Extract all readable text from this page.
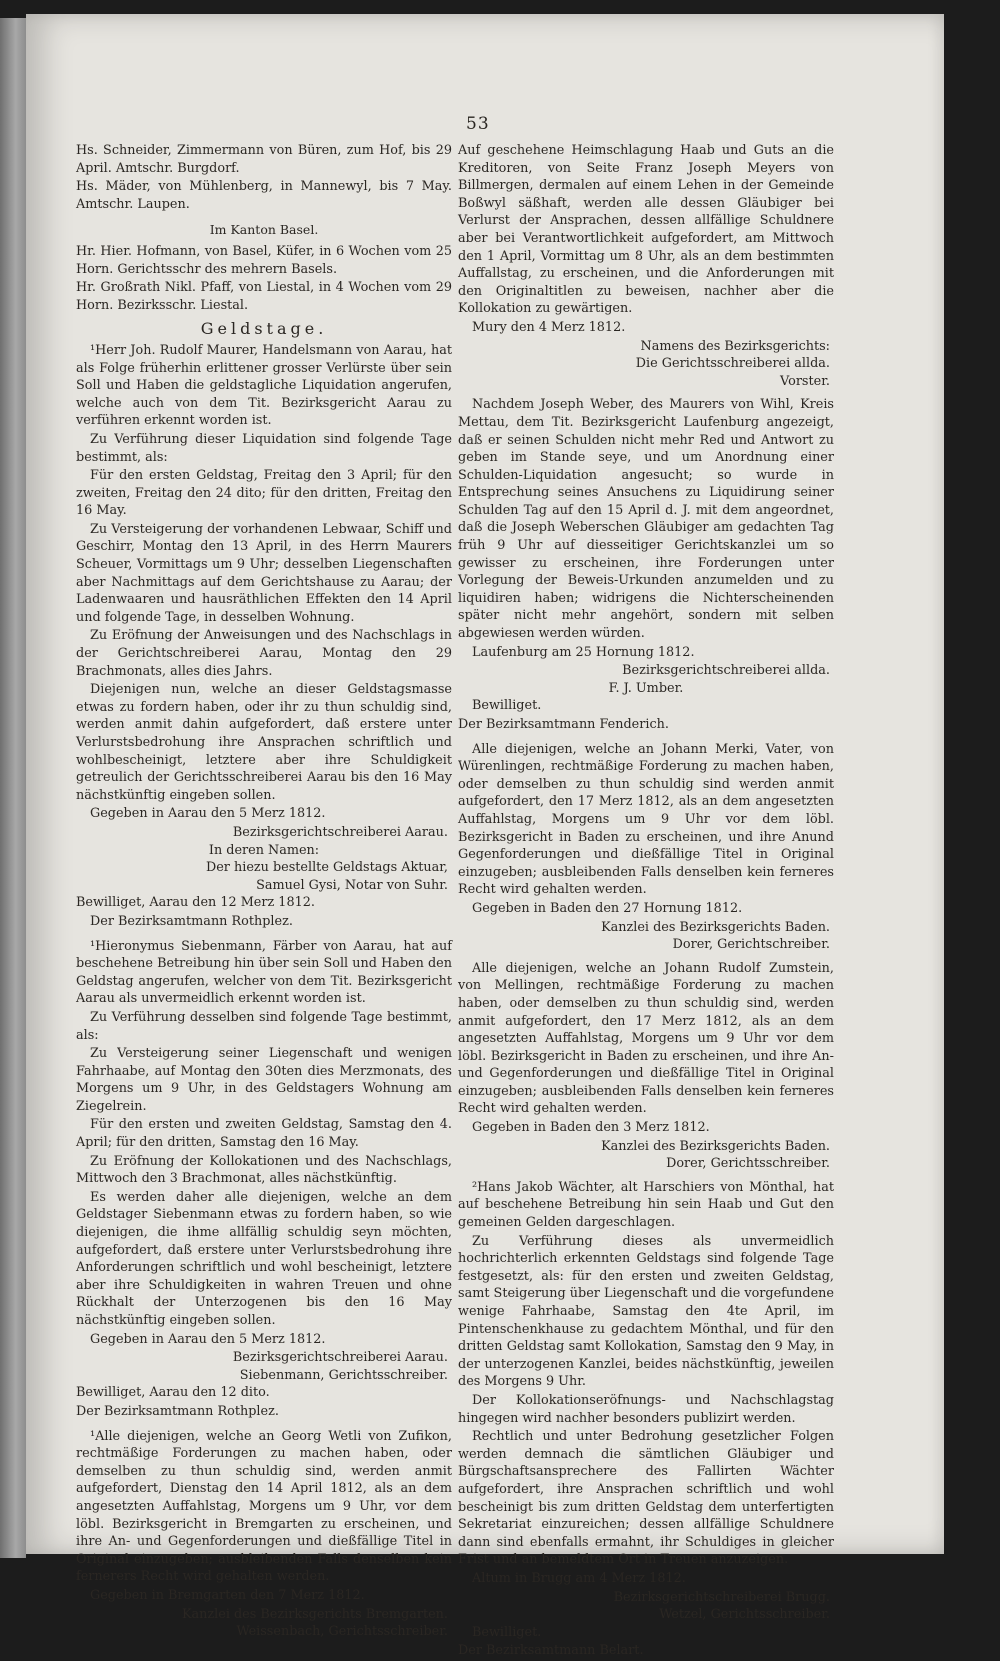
53

Hs. Schneider, Zimmermann von Büren, zum Hof, bis 29 April. Amtschr. Burgdorf.

Hs. Mäder, von Mühlenberg, in Mannewyl, bis 7 May. Amtschr. Laupen.

Im Kanton Basel.

Hr. Hier. Hofmann, von Basel, Küfer, in 6 Wochen vom 25 Horn. Gerichtsschr des mehrern Basels.

Hr. Großrath Nikl. Pfaff, von Liestal, in 4 Wochen vom 29 Horn. Bezirksschr. Liestal.

Geldstage.

¹Herr Joh. Rudolf Maurer, Handelsmann von Aarau, hat als Folge früherhin erlittener grosser Verlürste über sein Soll und Haben die geldstagliche Liquidation angerufen, welche auch von dem Tit. Bezirksgericht Aarau zu verführen erkennt worden ist.

Zu Verführung dieser Liquidation sind folgende Tage bestimmt, als:

Für den ersten Geldstag, Freitag den 3 April; für den zweiten, Freitag den 24 dito; für den dritten, Freitag den 16 May.

Zu Versteigerung der vorhandenen Lebwaar, Schiff und Geschirr, Montag den 13 April, in des Herrn Maurers Scheuer, Vormittags um 9 Uhr; desselben Liegenschaften aber Nachmittags auf dem Gerichtshause zu Aarau; der Ladenwaaren und hausräthlichen Effekten den 14 April und folgende Tage, in desselben Wohnung.

Zu Eröfnung der Anweisungen und des Nachschlags in der Gerichtschreiberei Aarau, Montag den 29 Brachmonats, alles dies Jahrs.

Diejenigen nun, welche an dieser Geldstagsmasse etwas zu fordern haben, oder ihr zu thun schuldig sind, werden anmit dahin aufgefordert, daß erstere unter Verlurstsbedrohung ihre Ansprachen schriftlich und wohlbescheinigt, letztere aber ihre Schuldigkeit getreulich der Gerichtsschreiberei Aarau bis den 16 May nächstkünftig eingeben sollen.

Gegeben in Aarau den 5 Merz 1812.

Bezirksgerichtschreiberei Aarau.
In deren Namen:
Der hiezu bestellte Geldstags Aktuar,
Samuel Gysi, Notar von Suhr.

Bewilliget, Aarau den 12 Merz 1812.

Der Bezirksamtmann Rothplez.

¹Hieronymus Siebenmann, Färber von Aarau, hat auf beschehene Betreibung hin über sein Soll und Haben den Geldstag angerufen, welcher von dem Tit. Bezirksgericht Aarau als unvermeidlich erkennt worden ist.

Zu Verführung desselben sind folgende Tage bestimmt, als:

Zu Versteigerung seiner Liegenschaft und wenigen Fahrhaabe, auf Montag den 30ten dies Merzmonats, des Morgens um 9 Uhr, in des Geldstagers Wohnung am Ziegelrein.

Für den ersten und zweiten Geldstag, Samstag den 4. April; für den dritten, Samstag den 16 May.

Zu Eröfnung der Kollokationen und des Nachschlags, Mittwoch den 3 Brachmonat, alles nächstkünftig.

Es werden daher alle diejenigen, welche an dem Geldstager Siebenmann etwas zu fordern haben, so wie diejenigen, die ihme allfällig schuldig seyn möchten, aufgefordert, daß erstere unter Verlurstsbedrohung ihre Anforderungen schriftlich und wohl bescheinigt, letztere aber ihre Schuldigkeiten in wahren Treuen und ohne Rückhalt der Unterzogenen bis den 16 May nächstkünftig eingeben sollen.

Gegeben in Aarau den 5 Merz 1812.

Bezirksgerichtschreiberei Aarau.
Siebenmann, Gerichtsschreiber.

Bewilliget, Aarau den 12 dito.

Der Bezirksamtmann Rothplez.

¹Alle diejenigen, welche an Georg Wetli von Zufikon, rechtmäßige Forderungen zu machen haben, oder demselben zu thun schuldig sind, werden anmit aufgefordert, Dienstag den 14 April 1812, als an dem angesetzten Auffahlstag, Morgens um 9 Uhr, vor dem löbl. Bezirksgericht in Bremgarten zu erscheinen, und ihre An- und Gegenforderungen und dießfällige Titel in Original einzugeben; ausbleibenden Falls denselben kein fernerers Recht wird gehalten werden.

Gegeben in Bremgarten den 7 Merz 1812.

Kanzlei des Bezirksgerichts Bremgarten.
Weissenbach, Gerichtsschreiber.

Auf geschehene Heimschlagung Haab und Guts an die Kreditoren, von Seite Franz Joseph Meyers von Billmergen, dermalen auf einem Lehen in der Gemeinde Boßwyl säßhaft, werden alle dessen Gläubiger bei Verlurst der Ansprachen, dessen allfällige Schuldnere aber bei Verantwortlichkeit aufgefordert, am Mittwoch den 1 April, Vormittag um 8 Uhr, als an dem bestimmten Auffallstag, zu erscheinen, und die Anforderungen mit den Originaltitlen zu beweisen, nachher aber die Kollokation zu gewärtigen.

Mury den 4 Merz 1812.

Namens des Bezirksgerichts:
Die Gerichtsschreiberei allda.
Vorster.

Nachdem Joseph Weber, des Maurers von Wihl, Kreis Mettau, dem Tit. Bezirksgericht Laufenburg angezeigt, daß er seinen Schulden nicht mehr Red und Antwort zu geben im Stande seye, und um Anordnung einer Schulden-Liquidation angesucht; so wurde in Entsprechung seines Ansuchens zu Liquidirung seiner Schulden Tag auf den 15 April d. J. mit dem angeordnet, daß die Joseph Weberschen Gläubiger am gedachten Tag früh 9 Uhr auf diesseitiger Gerichtskanzlei um so gewisser zu erscheinen, ihre Forderungen unter Vorlegung der Beweis-Urkunden anzumelden und zu liquidiren haben; widrigens die Nichterscheinenden später nicht mehr angehört, sondern mit selben abgewiesen werden würden.

Laufenburg am 25 Hornung 1812.

Bezirksgerichtschreiberei allda.
F. J. Umber.

Bewilliget.

Der Bezirksamtmann Fenderich.

Alle diejenigen, welche an Johann Merki, Vater, von Würenlingen, rechtmäßige Forderung zu machen haben, oder demselben zu thun schuldig sind werden anmit aufgefordert, den 17 Merz 1812, als an dem angesetzten Auffahlstag, Morgens um 9 Uhr vor dem löbl. Bezirksgericht in Baden zu erscheinen, und ihre Anund Gegenforderungen und dießfällige Titel in Original einzugeben; ausbleibenden Falls denselben kein ferneres Recht wird gehalten werden.

Gegeben in Baden den 27 Hornung 1812.

Kanzlei des Bezirksgerichts Baden.
Dorer, Gerichtschreiber.

Alle diejenigen, welche an Johann Rudolf Zumstein, von Mellingen, rechtmäßige Forderung zu machen haben, oder demselben zu thun schuldig sind, werden anmit aufgefordert, den 17 Merz 1812, als an dem angesetzten Auffahlstag, Morgens um 9 Uhr vor dem löbl. Bezirksgericht in Baden zu erscheinen, und ihre An- und Gegenforderungen und dießfällige Titel in Original einzugeben; ausbleibenden Falls denselben kein ferneres Recht wird gehalten werden.

Gegeben in Baden den 3 Merz 1812.

Kanzlei des Bezirksgerichts Baden.
Dorer, Gerichtsschreiber.

²Hans Jakob Wächter, alt Harschiers von Mönthal, hat auf beschehene Betreibung hin sein Haab und Gut den gemeinen Gelden dargeschlagen.

Zu Verführung dieses als unvermeidlich hochrichterlich erkennten Geldstags sind folgende Tage festgesetzt, als: für den ersten und zweiten Geldstag, samt Steigerung über Liegenschaft und die vorgefundene wenige Fahrhaabe, Samstag den 4te April, im Pintenschenkhause zu gedachtem Mönthal, und für den dritten Geldstag samt Kollokation, Samstag den 9 May, in der unterzogenen Kanzlei, beides nächstkünftig, jeweilen des Morgens 9 Uhr.

Der Kollokationseröfnungs- und Nachschlagstag hingegen wird nachher besonders publizirt werden.

Rechtlich und unter Bedrohung gesetzlicher Folgen werden demnach die sämtlichen Gläubiger und Bürgschaftsansprechere des Fallirten Wächter aufgefordert, ihre Ansprachen schriftlich und wohl bescheinigt bis zum dritten Geldstag dem unterfertigten Sekretariat einzureichen; dessen allfällige Schuldnere dann sind ebenfalls ermahnt, ihr Schuldiges in gleicher Frist und an bemeldtem Ort in Treuen anzuzeigen.

Altum in Brugg am 4 Merz 1812.

Bezirksgerichtschreiberei Brugg.
Wetzel, Gerichtsschreiber.

Bewilliget.

Der Bezirksamtmann Belart.
